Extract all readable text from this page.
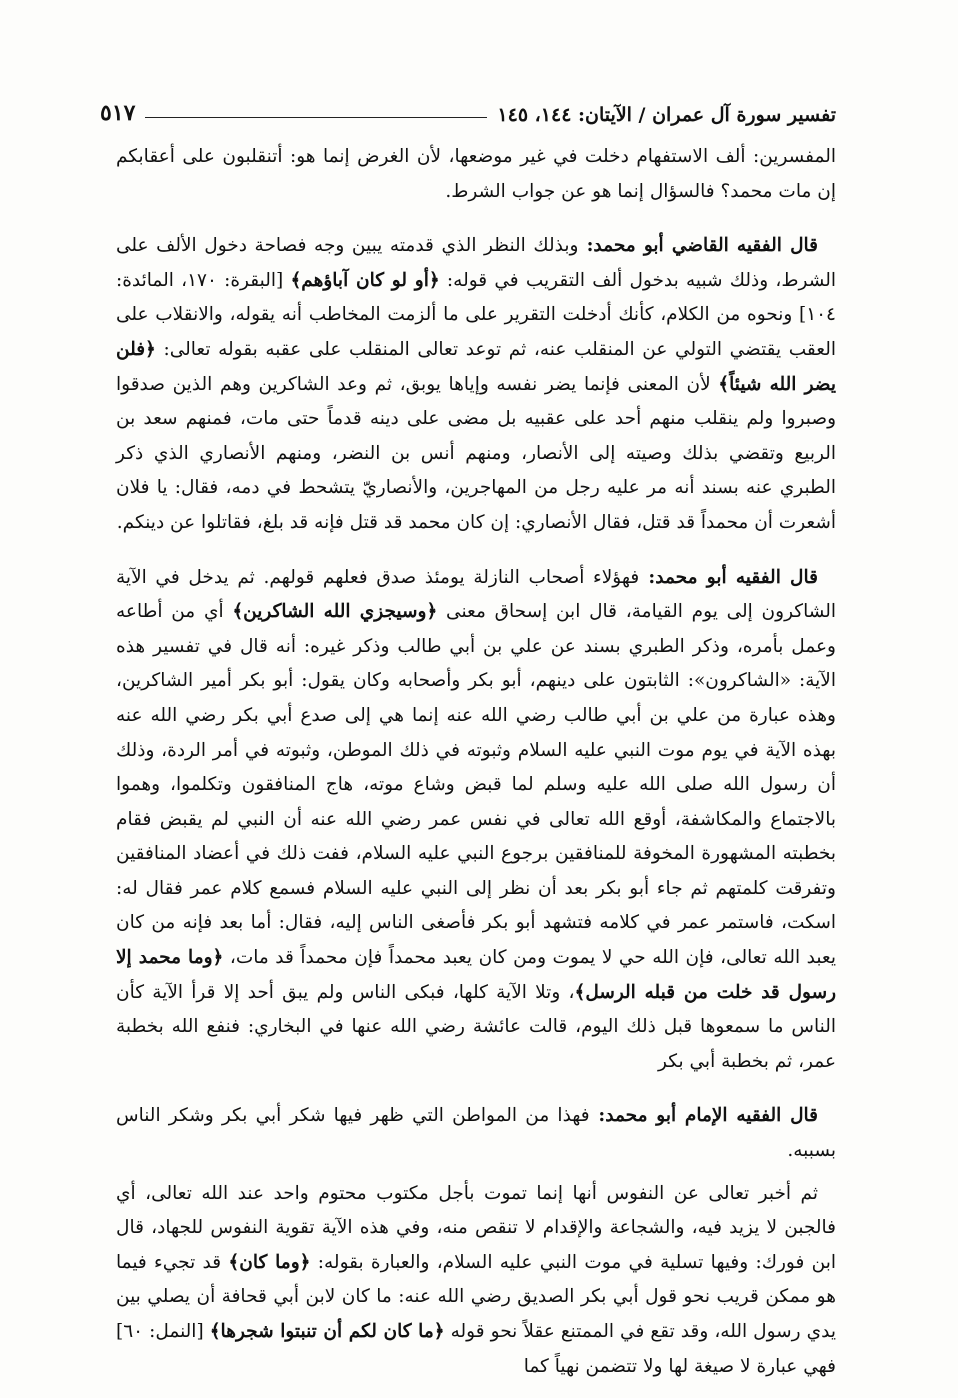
تفسير سورة آل عمران / الآيتان: ١٤٤، ١٤٥
٥١٧

المفسرين: ألف الاستفهام دخلت في غير موضعها، لأن الغرض إنما هو: أتنقلبون على أعقابكم إن مات محمد؟ فالسؤال إنما هو عن جواب الشرط.

قال الفقيه القاضي أبو محمد: وبذلك النظر الذي قدمته يبين وجه فصاحة دخول الألف على الشرط، وذلك شبيه بدخول ألف التقريب في قوله: ﴿أو لو كان آباؤهم﴾ [البقرة: ١٧٠، المائدة: ١٠٤] ونحوه من الكلام، كأنك أدخلت التقرير على ما ألزمت المخاطب أنه يقوله، والانقلاب على العقب يقتضي التولي عن المنقلب عنه، ثم توعد تعالى المنقلب على عقبه بقوله تعالى: ﴿فلن يضر الله شيئاً﴾ لأن المعنى فإنما يضر نفسه وإياها يوبق، ثم وعد الشاكرين وهم الذين صدقوا وصبروا ولم ينقلب منهم أحد على عقبيه بل مضى على دينه قدماً حتى مات، فمنهم سعد بن الربيع وتقضي بذلك وصيته إلى الأنصار، ومنهم أنس بن النضر، ومنهم الأنصاري الذي ذكر الطبري عنه بسند أنه مر عليه رجل من المهاجرين، والأنصاريّ يتشحط في دمه، فقال: يا فلان أشعرت أن محمداً قد قتل، فقال الأنصاري: إن كان محمد قد قتل فإنه قد بلغ، فقاتلوا عن دينكم.

قال الفقيه أبو محمد: فهؤلاء أصحاب النازلة يومئذ صدق فعلهم قولهم. ثم يدخل في الآية الشاكرون إلى يوم القيامة، قال ابن إسحاق معنى ﴿وسيجزي الله الشاكرين﴾ أي من أطاعه وعمل بأمره، وذكر الطبري بسند عن علي بن أبي طالب وذكر غيره: أنه قال في تفسير هذه الآية: «الشاكرون»: الثابتون على دينهم، أبو بكر وأصحابه وكان يقول: أبو بكر أمير الشاكرين، وهذه عبارة من علي بن أبي طالب رضي الله عنه إنما هي إلى صدع أبي بكر رضي الله عنه بهذه الآية في يوم موت النبي عليه السلام وثبوته في ذلك الموطن، وثبوته في أمر الردة، وذلك أن رسول الله صلى الله عليه وسلم لما قبض وشاع موته، هاج المنافقون وتكلموا، وهموا بالاجتماع والمكاشفة، أوقع الله تعالى في نفس عمر رضي الله عنه أن النبي لم يقبض فقام بخطبته المشهورة المخوفة للمنافقين برجوع النبي عليه السلام، ففت ذلك في أعضاد المنافقين وتفرقت كلمتهم ثم جاء أبو بكر بعد أن نظر إلى النبي عليه السلام فسمع كلام عمر فقال له: اسكت، فاستمر عمر في كلامه فتشهد أبو بكر فأصغى الناس إليه، فقال: أما بعد فإنه من كان يعبد الله تعالى، فإن الله حي لا يموت ومن كان يعبد محمداً فإن محمداً قد مات، ﴿وما محمد إلا رسول قد خلت من قبله الرسل﴾، وتلا الآية كلها، فبكى الناس ولم يبق أحد إلا قرأ الآية كأن الناس ما سمعوها قبل ذلك اليوم، قالت عائشة رضي الله عنها في البخاري: فنفع الله بخطبة عمر، ثم بخطبة أبي بكر

قال الفقيه الإمام أبو محمد: فهذا من المواطن التي ظهر فيها شكر أبي بكر وشكر الناس بسببه.

ثم أخبر تعالى عن النفوس أنها إنما تموت بأجل مكتوب محتوم واحد عند الله تعالى، أي فالجبن لا يزيد فيه، والشجاعة والإقدام لا تنقص منه، وفي هذه الآية تقوية النفوس للجهاد، قال ابن فورك: وفيها تسلية في موت النبي عليه السلام، والعبارة بقوله: ﴿وما كان﴾ قد تجيء فيما هو ممكن قريب نحو قول أبي بكر الصديق رضي الله عنه: ما كان لابن أبي قحافة أن يصلي بين يدي رسول الله، وقد تقع في الممتنع عقلاً نحو قوله ﴿ما كان لكم أن تنبتوا شجرها﴾ [النمل: ٦٠] فهي عبارة لا صيغة لها ولا تتضمن نهياً كما
